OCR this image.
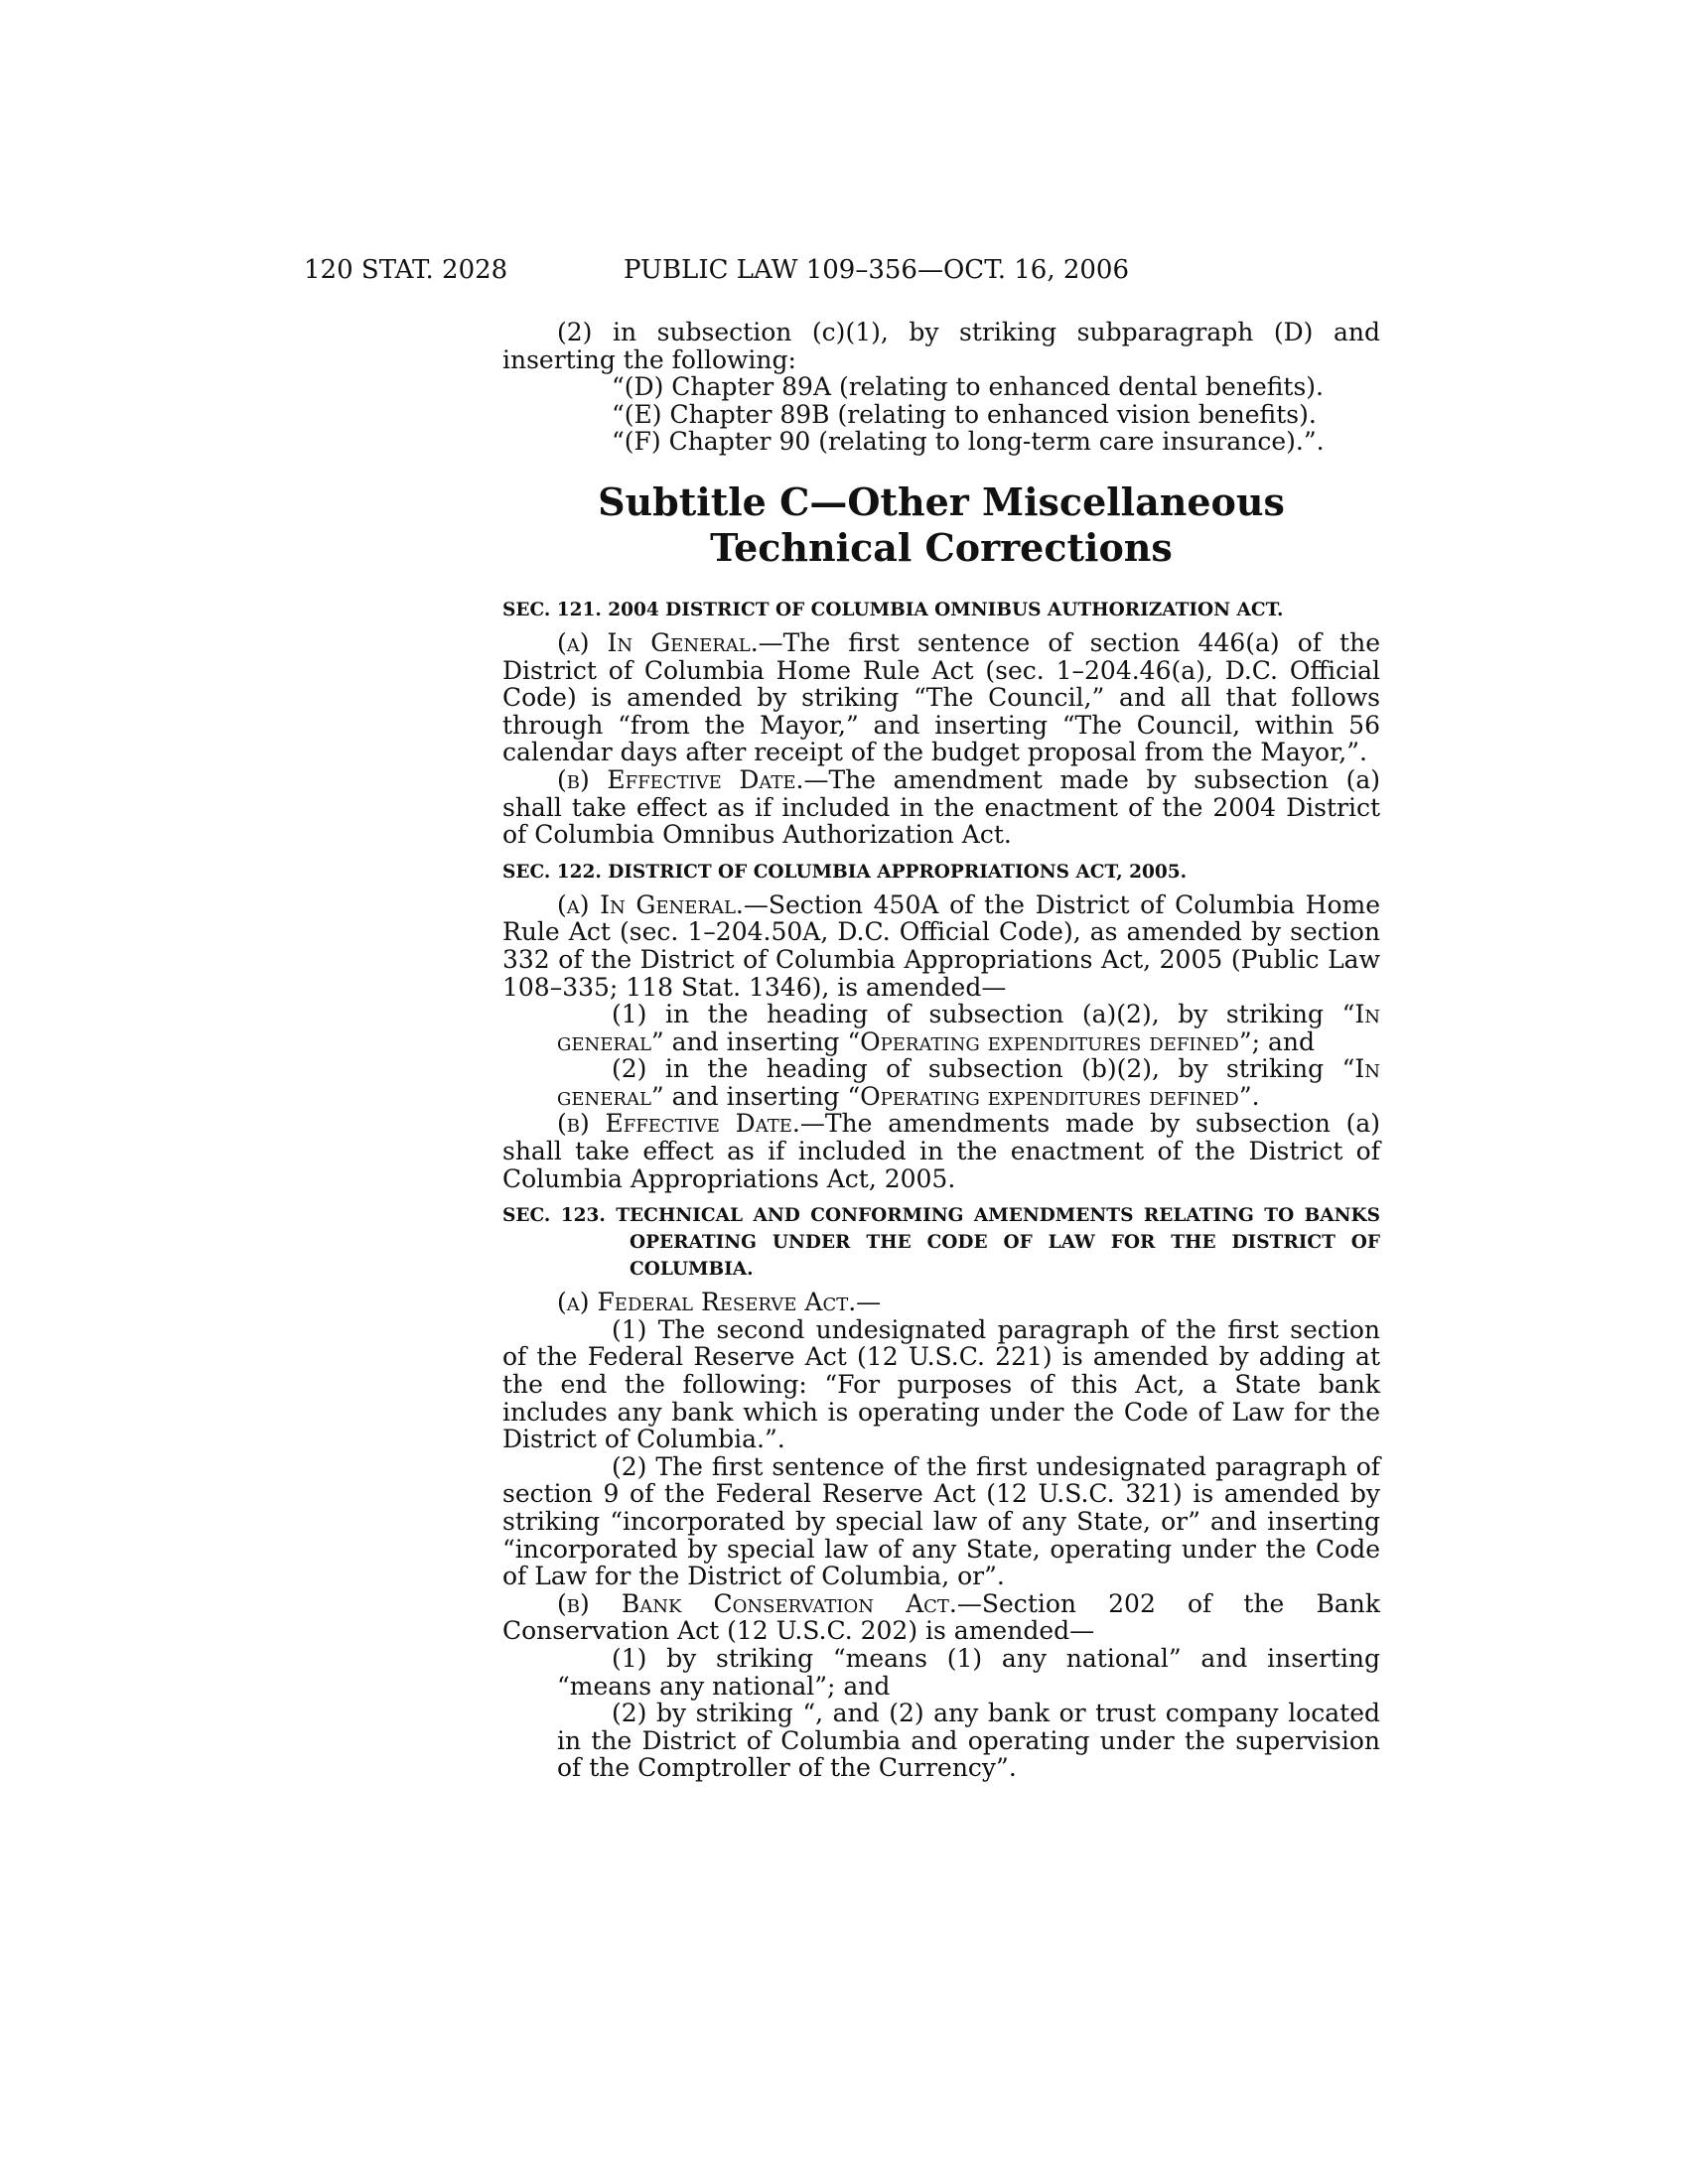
120 STAT. 2028	PUBLIC LAW 109–356—OCT. 16, 2006

(2) in subsection (c)(1), by striking subparagraph (D) and inserting the following:

“(D) Chapter 89A (relating to enhanced dental benefits).

“(E) Chapter 89B (relating to enhanced vision benefits).

“(F) Chapter 90 (relating to long-term care insurance).”.

Subtitle C—Other Miscellaneous Technical Corrections
SEC. 121. 2004 DISTRICT OF COLUMBIA OMNIBUS AUTHORIZATION ACT.

(a) In General.—The first sentence of section 446(a) of the District of Columbia Home Rule Act (sec. 1–204.46(a), D.C. Official Code) is amended by striking “The Council,” and all that follows through “from the Mayor,” and inserting “The Council, within 56 calendar days after receipt of the budget proposal from the Mayor,”.

(b) Effective Date.—The amendment made by subsection (a) shall take effect as if included in the enactment of the 2004 District of Columbia Omnibus Authorization Act.

SEC. 122. DISTRICT OF COLUMBIA APPROPRIATIONS ACT, 2005.

(a) In General.—Section 450A of the District of Columbia Home Rule Act (sec. 1–204.50A, D.C. Official Code), as amended by section 332 of the District of Columbia Appropriations Act, 2005 (Public Law 108–335; 118 Stat. 1346), is amended—

(1) in the heading of subsection (a)(2), by striking “In general” and inserting “Operating expenditures defined”; and

(2) in the heading of subsection (b)(2), by striking “In general” and inserting “Operating expenditures defined”.

(b) Effective Date.—The amendments made by subsection (a) shall take effect as if included in the enactment of the District of Columbia Appropriations Act, 2005.

SEC. 123. TECHNICAL AND CONFORMING AMENDMENTS RELATING TO BANKS OPERATING UNDER THE CODE OF LAW FOR THE DISTRICT OF COLUMBIA.

(a) Federal Reserve Act.—

(1) The second undesignated paragraph of the first section of the Federal Reserve Act (12 U.S.C. 221) is amended by adding at the end the following: “For purposes of this Act, a State bank includes any bank which is operating under the Code of Law for the District of Columbia.”.

(2) The first sentence of the first undesignated paragraph of section 9 of the Federal Reserve Act (12 U.S.C. 321) is amended by striking “incorporated by special law of any State, or” and inserting “incorporated by special law of any State, operating under the Code of Law for the District of Columbia, or”.

(b) Bank Conservation Act.—Section 202 of the Bank Conservation Act (12 U.S.C. 202) is amended—

(1) by striking “means (1) any national” and inserting “means any national”; and

(2) by striking “, and (2) any bank or trust company located in the District of Columbia and operating under the supervision of the Comptroller of the Currency”.
